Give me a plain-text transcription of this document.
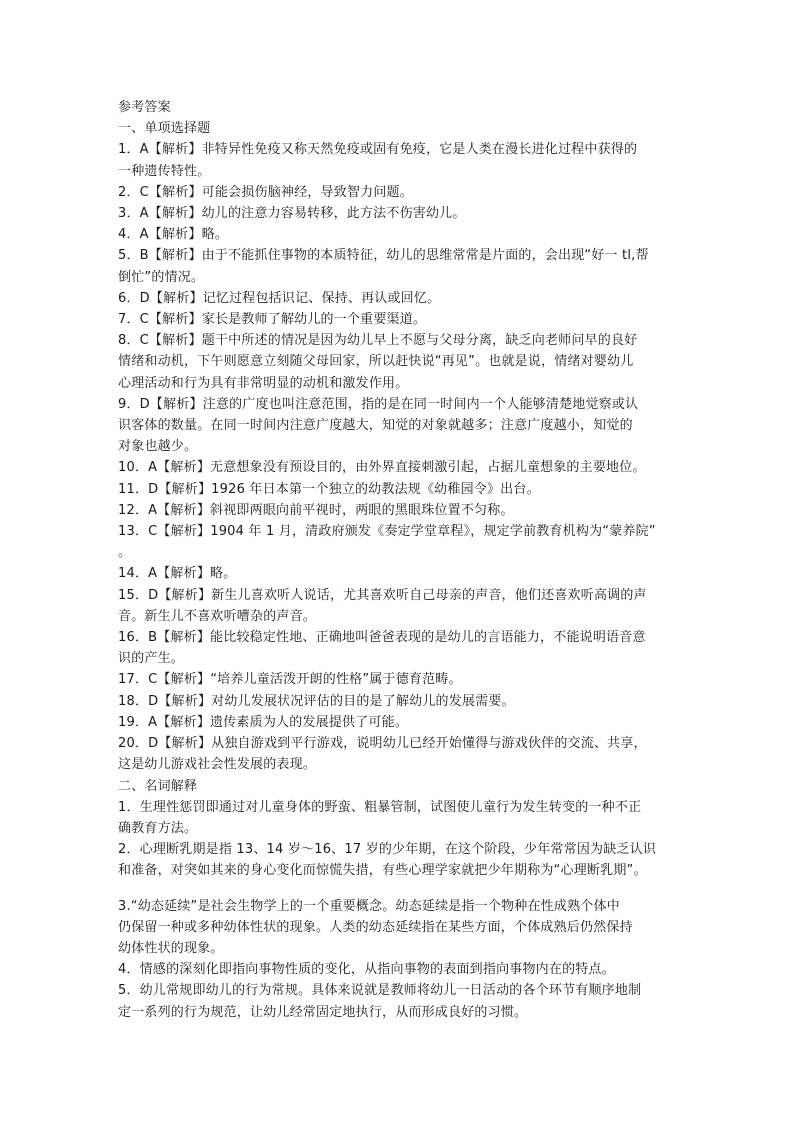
参考答案
一、单项选择题
1．A【解析】非特异性免疫又称天然免疫或固有免疫，它是人类在漫长进化过程中获得的
一种遗传特性。
2．C【解析】可能会损伤脑神经，导致智力问题。
3．A【解析】幼儿的注意力容易转移，此方法不伤害幼儿。
4．A【解析】略。
5．B【解析】由于不能抓住事物的本质特征，幼儿的思维常常是片面的，会出现“好一 tl,帮
倒忙”的情况。
6．D【解析】记忆过程包括识记、保持、再认或回忆。
7．C【解析】家长是教师了解幼儿的一个重要渠道。
8．C【解析】题干中所述的情况是因为幼儿早上不愿与父母分离，缺乏向老师问早的良好
情绪和动机，下午则愿意立刻随父母回家，所以赶快说“再见”。也就是说，情绪对婴幼儿
心理活动和行为具有非常明显的动机和激发作用。
9．D【解析】注意的广度也叫注意范围，指的是在同一时间内一个人能够清楚地觉察或认
识客体的数量。在同一时间内注意广度越大，知觉的对象就越多；注意广度越小，知觉的
对象也越少。
10．A【解析】无意想象没有预设目的，由外界直接刺激引起，占据儿童想象的主要地位。
11．D【解析】1926 年日本第一个独立的幼教法规《幼稚园令》出台。
12．A【解析】斜视即两眼向前平视时，两眼的黑眼珠位置不匀称。
13．C【解析】1904 年 1 月，清政府颁发《奏定学堂章程》，规定学前教育机构为“蒙养院”
。
14．A【解析】略。
15．D【解析】新生儿喜欢听人说话，尤其喜欢听自己母亲的声音，他们还喜欢听高调的声
音。新生儿不喜欢听嘈杂的声音。
16．B【解析】能比较稳定性地、正确地叫爸爸表现的是幼儿的言语能力，不能说明语音意
识的产生。
17．C【解析】“培养儿童活泼开朗的性格”属于德育范畴。
18．D【解析】对幼儿发展状况评估的目的是了解幼儿的发展需要。
19．A【解析】遗传素质为人的发展提供了可能。
20．D【解析】从独自游戏到平行游戏，说明幼儿已经开始懂得与游戏伙伴的交流、共享，
这是幼儿游戏社会性发展的表现。
二、名词解释
1．生理性惩罚即通过对儿童身体的野蛮、粗暴管制，试图使儿童行为发生转变的一种不正
确教育方法。
2．心理断乳期是指 13、14 岁～16、17 岁的少年期，在这个阶段，少年常常因为缺乏认识
和准备，对突如其来的身心变化而惊慌失措，有些心理学家就把少年期称为“心理断乳期”。
3.“幼态延续”是社会生物学上的一个重要概念。幼态延续是指一个物种在性成熟个体中
仍保留一种或多种幼体性状的现象。人类的幼态延续指在某些方面，个体成熟后仍然保持
幼体性状的现象。
4．情感的深刻化即指向事物性质的变化，从指向事物的表面到指向事物内在的特点。
5．幼儿常规即幼儿的行为常规。具体来说就是教师将幼儿一日活动的各个环节有顺序地制
定一系列的行为规范，让幼儿经常固定地执行，从而形成良好的习惯。
